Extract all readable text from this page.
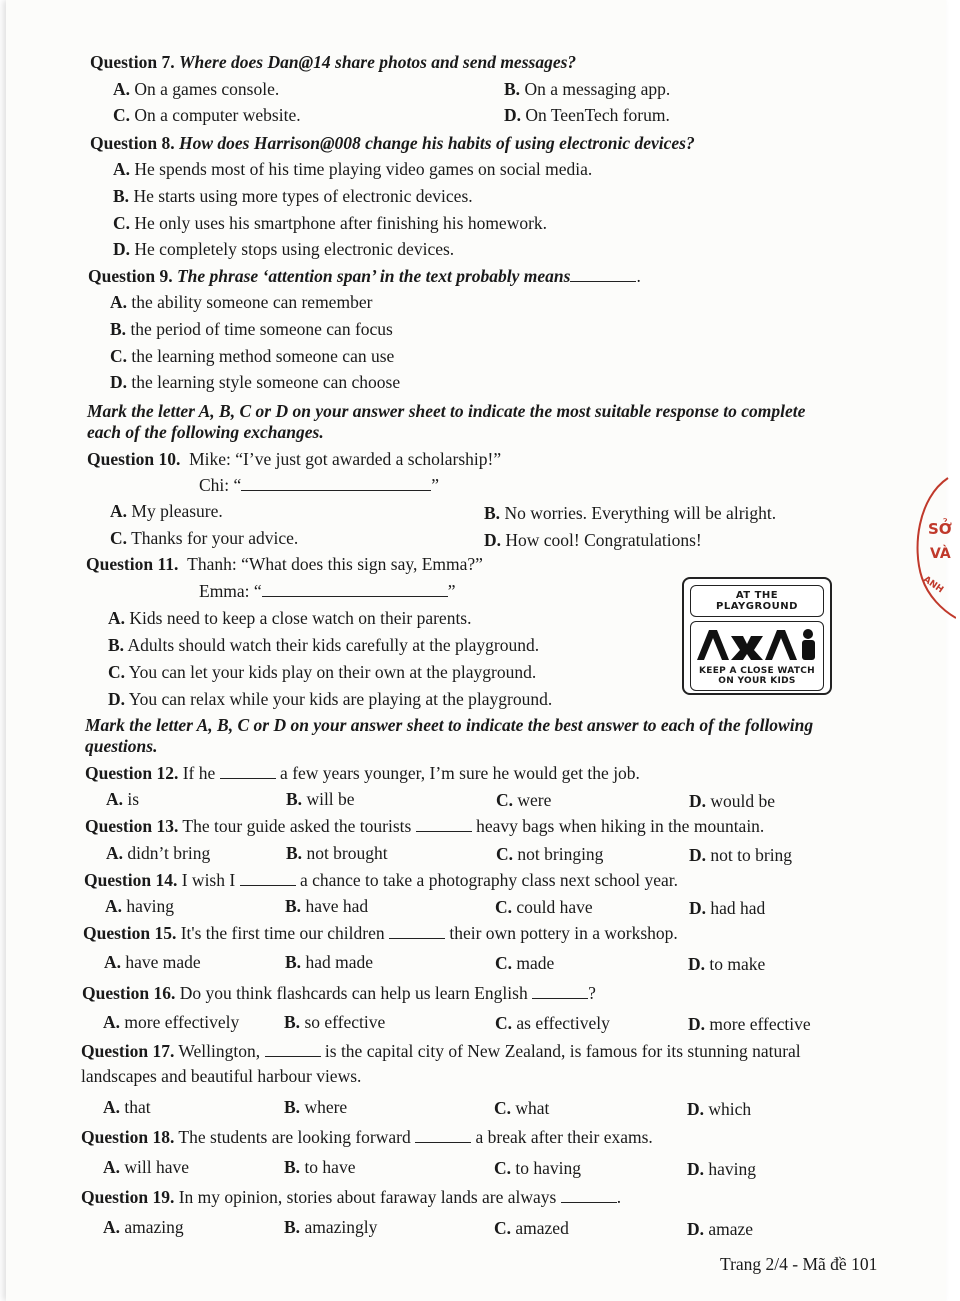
Question 7. Where does Dan@14 share photos and send messages?
A. On a games console.	B. On a messaging app.
C. On a computer website.	D. On TeenTech forum.
Question 8. How does Harrison@008 change his habits of using electronic devices?
A. He spends most of his time playing video games on social media.
B. He starts using more types of electronic devices.
C. He only uses his smartphone after finishing his homework.
D. He completely stops using electronic devices.
Question 9. The phrase ‘attention span’ in the text probably means	.
A. the ability someone can remember
B. the period of time someone can focus
C. the learning method someone can use
D. the learning style someone can choose
Mark the letter A, B, C or D on your answer sheet to indicate the most suitable response to complete
each of the following exchanges.
Question 10. Mike: “I’ve just got awarded a scholarship!”
Chi: “	”
A. My pleasure.	B. No worries. Everything will be alright.
C. Thanks for your advice.	D. How cool! Congratulations!
Question 11. Thanh: “What does this sign say, Emma?”
Emma: “	”
A. Kids need to keep a close watch on their parents.
B. Adults should watch their kids carefully at the playground.
C. You can let your kids play on their own at the playground.
D. You can relax while your kids are playing at the playground.
AT THE
PLAYGROUND
KEEP A CLOSE WATCH
ON YOUR KIDS
Mark the letter A, B, C or D on your answer sheet to indicate the best answer to each of the following
questions.
Question 12. If he	a few years younger, I’m sure he would get the job.
A. is	B. will be	C. were	D. would be
Question 13. The tour guide asked the tourists	heavy bags when hiking in the mountain.
A. didn’t bring	B. not brought	C. not bringing	D. not to bring
Question 14. I wish I	a chance to take a photography class next school year.
A. having	B. have had	C. could have	D. had had
Question 15. It's the first time our children	their own pottery in a workshop.
A. have made	B. had made	C. made	D. to make
Question 16. Do you think flashcards can help us learn English	?
A. more effectively	B. so effective	C. as effectively	D. more effective
Question 17. Wellington,	is the capital city of New Zealand, is famous for its stunning natural
landscapes and beautiful harbour views.
A. that	B. where	C. what	D. which
Question 18. The students are looking forward	a break after their exams.
A. will have	B. to have	C. to having	D. having
Question 19. In my opinion, stories about faraway lands are always	.
A. amazing	B. amazingly	C. amazed	D. amaze
Trang 2/4 - Mã đề 101
SỞ
VÀ
ANH
